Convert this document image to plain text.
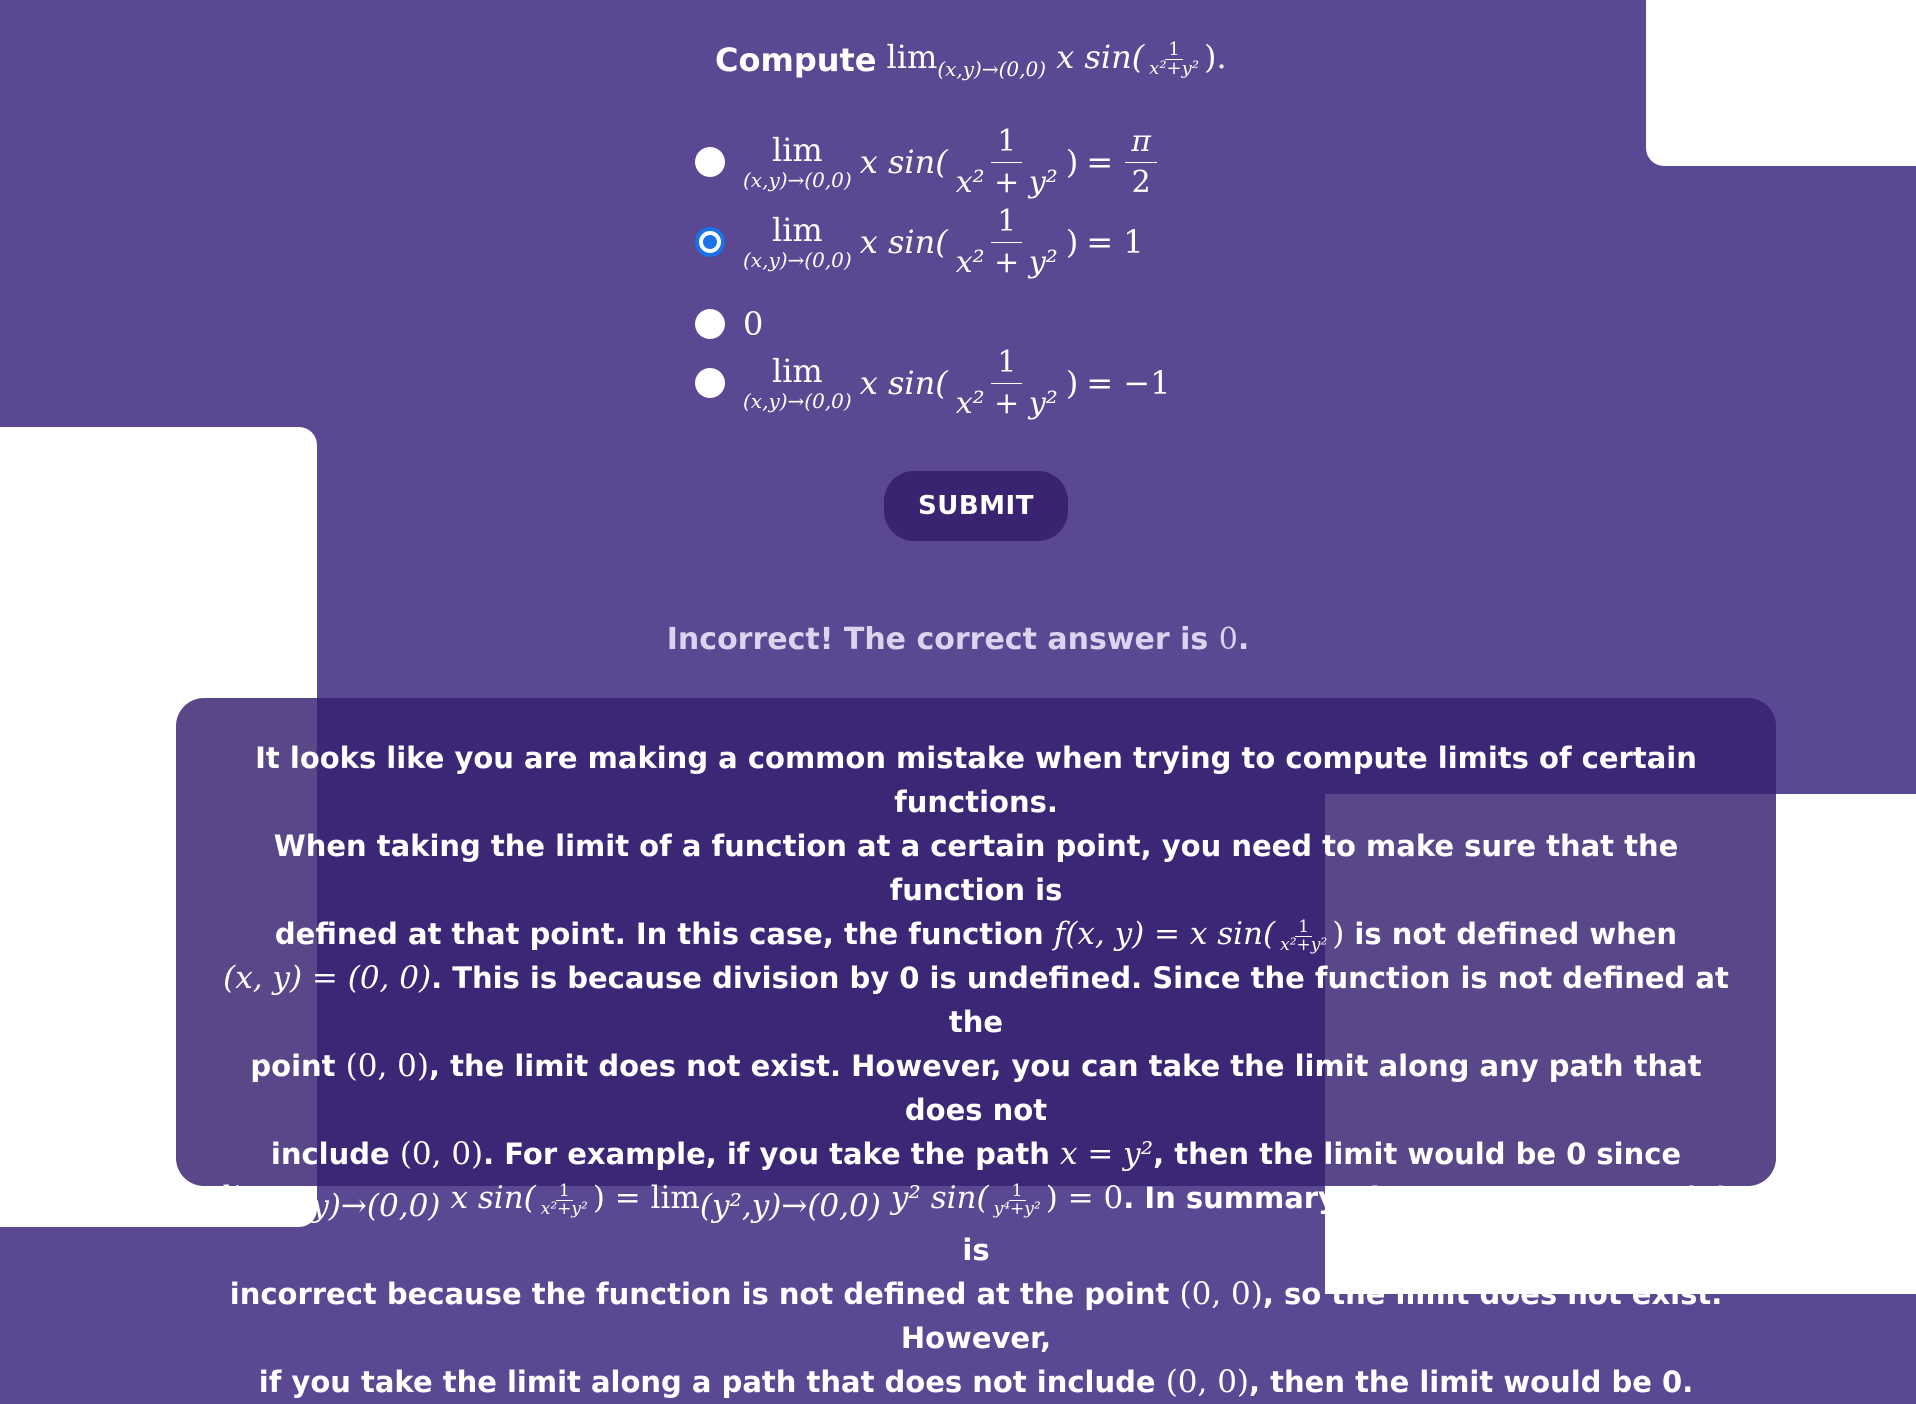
Compute $\lim_{(x,y)\to(0,0)} x$ $\sin( \frac{1}{\text{x²+y²}}$ ).
lim
(x,y)→(0,0) x $\sin( \frac{1}{\text{x² + y²}}$ ) =
$\frac{\pi}{2}$
lim
(x,y)→(0,0) x $\sin( \frac{1}{\text{x² + y²}}$ ) =
1
0
lim
(x,y)→(0,0) x $\sin( \frac{1}{\text{x² + y²}}$ ) =
−1
SUBMIT
Incorrect! The correct answer is 0.
It looks like you are making a common mistake when trying to compute limits of certain functions.
When taking the limit of a function at a certain point, you need to make sure that the function is
defined at that point. In this case, the function f(x, y) = x $\sin( \frac{1}{\text{x²+y²}}$ ) is not defined when
(x, y) = (0, 0). This is because division by 0 is undefined. Since the function is not defined at the
point (0, 0), the limit does not exist. However, you can take the limit along any path that does not
include (0, 0). For example, if you take the path x = y², then the limit would be 0 since
lim(x,y)→(0,0) x $\sin( \frac{1}{\text{x²+y²}}$ ) = lim(y²,y)→(0,0) y² $\sin( \frac{1}{\text{y⁴+y²}}$ ) = 0. In summary, the answer you got (1) is
incorrect because the function is not defined at the point (0, 0), so the limit does not exist. However,
if you take the limit along a path that does not include (0, 0), then the limit would be 0.
